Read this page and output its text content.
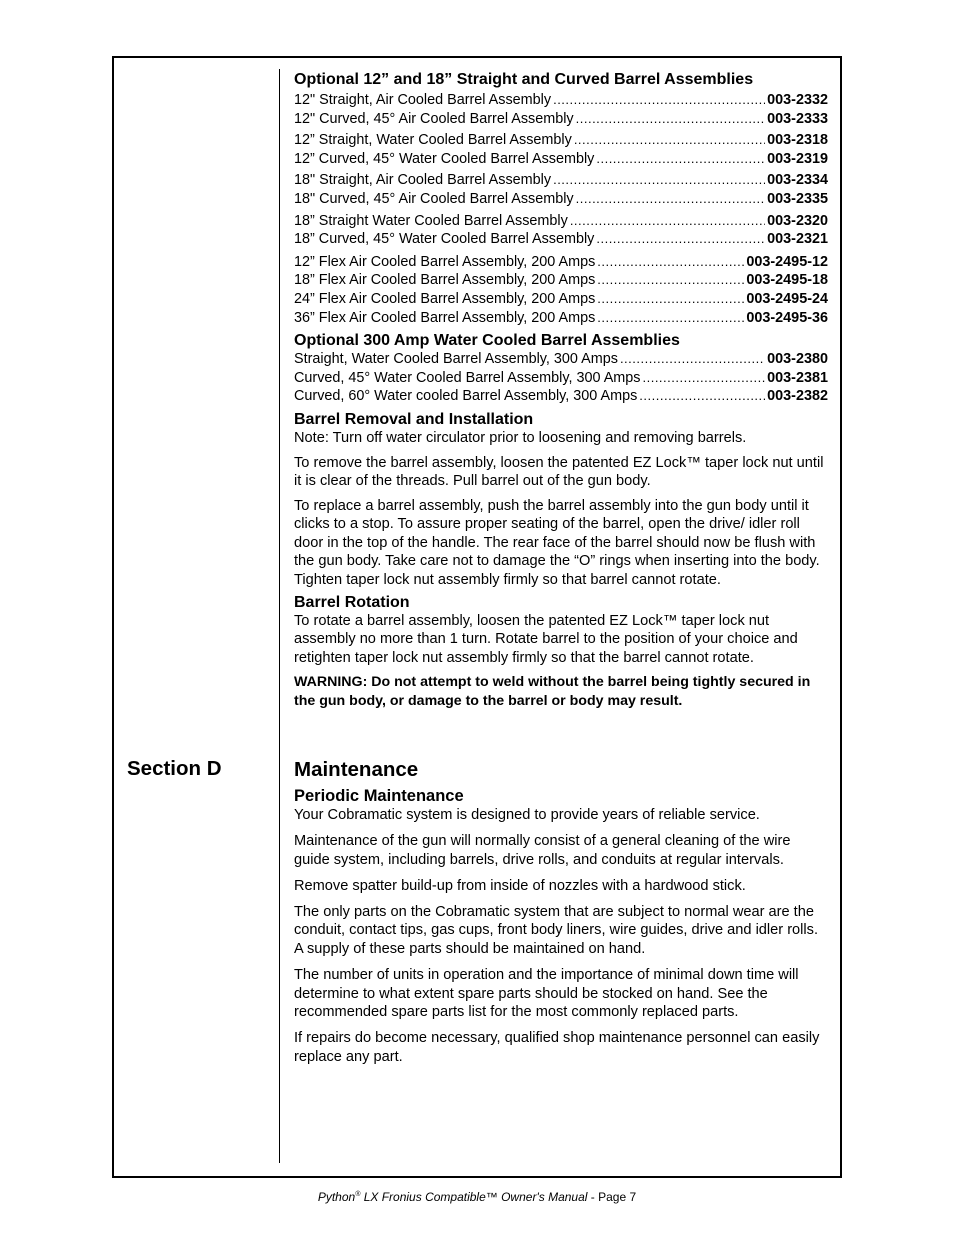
Optional 12” and 18” Straight and Curved Barrel Assemblies

12" Straight, Air Cooled Barrel Assembly .....	003-2332
12" Curved, 45° Air Cooled Barrel Assembly .....	003-2333
12” Straight, Water Cooled Barrel Assembly .....	003-2318
12” Curved, 45° Water Cooled Barrel Assembly .....	003-2319
18" Straight, Air Cooled Barrel Assembly .....	003-2334
18" Curved, 45° Air Cooled Barrel Assembly .....	003-2335
18” Straight Water Cooled Barrel Assembly .....	003-2320
18” Curved, 45° Water Cooled Barrel Assembly .....	003-2321
12” Flex Air Cooled Barrel Assembly, 200 Amps .....	003-2495-12
18” Flex Air Cooled Barrel Assembly, 200 Amps .....	003-2495-18
24” Flex Air Cooled Barrel Assembly, 200 Amps .....	003-2495-24
36” Flex Air Cooled Barrel Assembly, 200 Amps .....	003-2495-36

Optional 300 Amp Water Cooled Barrel Assemblies

Straight, Water Cooled Barrel Assembly, 300 Amps .....	003-2380
Curved, 45° Water Cooled Barrel Assembly, 300 Amps .....	003-2381
Curved, 60° Water cooled Barrel Assembly, 300 Amps .....	003-2382

Barrel Removal and Installation

Note: Turn off water circulator prior to loosening and removing barrels.

To remove the barrel assembly, loosen the patented EZ Lock™ taper lock nut until it is clear of the threads. Pull barrel out of the gun body.

To replace a barrel assembly, push the barrel assembly into the gun body until it clicks to a stop. To assure proper seating of the barrel, open the drive/ idler roll door in the top of the handle. The rear face of the barrel should now be flush with the gun body. Take care not to damage the “O” rings when inserting into the body. Tighten taper lock nut assembly firmly so that barrel cannot rotate.

Barrel Rotation

To rotate a barrel assembly, loosen the patented EZ Lock™ taper lock nut assembly no more than 1 turn. Rotate barrel to the position of your choice and retighten taper lock nut assembly firmly so that the barrel cannot rotate.

WARNING: Do not attempt to weld without the barrel being tightly secured in the gun body, or damage to the barrel or body may result.

Section D	Maintenance

Periodic Maintenance

Your Cobramatic system is designed to provide years of reliable service.

Maintenance of the gun will normally consist of a general cleaning of the wire guide system, including barrels, drive rolls, and conduits at regular intervals.

Remove spatter build-up from inside of nozzles with a hardwood stick.

The only parts on the Cobramatic system that are subject to normal wear are the conduit, contact tips, gas cups, front body liners, wire guides, drive and idler rolls. A supply of these parts should be maintained on hand.

The number of units in operation and the importance of minimal down time will determine to what extent spare parts should be stocked on hand. See the recommended spare parts list for the most commonly replaced parts.

If repairs do become necessary, qualified shop maintenance personnel can easily replace any part.

Python® LX Fronius Compatible™ Owner's Manual - Page 7
